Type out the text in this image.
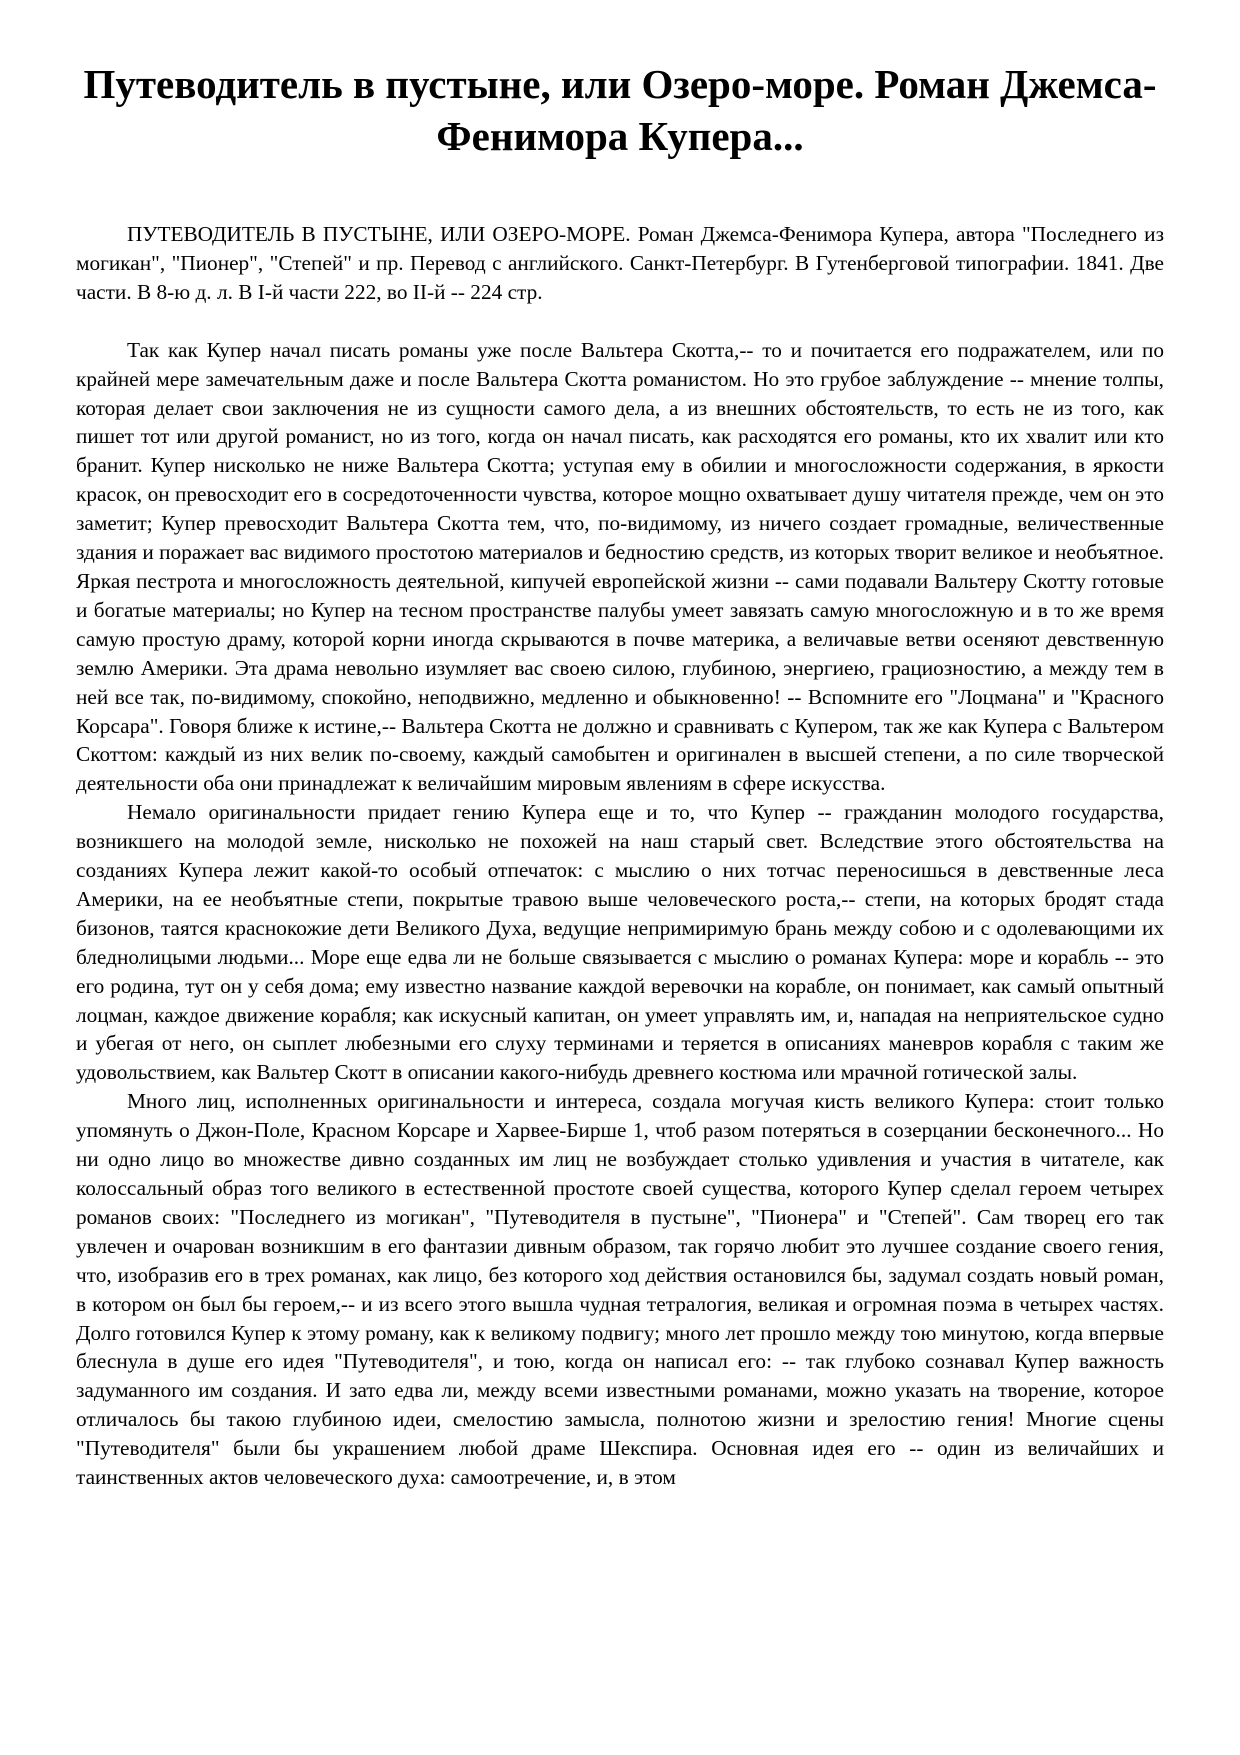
Путеводитель в пустыне, или Озеро-море. Роман Джемса-Фенимора Купера...

ПУТЕВОДИТЕЛЬ В ПУСТЫНЕ, ИЛИ ОЗЕРО-МОРЕ. Роман Джемса-Фенимора Купера, автора "Последнего из могикан", "Пионер", "Степей" и пр. Перевод с английского. Санкт-Петербург. В Гутенберговой типографии. 1841. Две части. В 8-ю д. л. В I-й части 222, во II-й -- 224 стр.

Так как Купер начал писать романы уже после Вальтера Скотта,-- то и почитается его подражателем, или по крайней мере замечательным даже и после Вальтера Скотта романистом. Но это грубое заблуждение -- мнение толпы, которая делает свои заключения не из сущности самого дела, а из внешних обстоятельств, то есть не из того, как пишет тот или другой романист, но из того, когда он начал писать, как расходятся его романы, кто их хвалит или кто бранит. Купер нисколько не ниже Вальтера Скотта; уступая ему в обилии и многосложности содержания, в яркости красок, он превосходит его в сосредоточенности чувства, которое мощно охватывает душу читателя прежде, чем он это заметит; Купер превосходит Вальтера Скотта тем, что, по-видимому, из ничего создает громадные, величественные здания и поражает вас видимого простотою материалов и бедностию средств, из которых творит великое и необъятное. Яркая пестрота и многосложность деятельной, кипучей европейской жизни -- сами подавали Вальтеру Скотту готовые и богатые материалы; но Купер на тесном пространстве палубы умеет завязать самую многосложную и в то же время самую простую драму, которой корни иногда скрываются в почве материка, а величавые ветви осеняют девственную землю Америки. Эта драма невольно изумляет вас своею силою, глубиною, энергиею, грациозностию, а между тем в ней все так, по-видимому, спокойно, неподвижно, медленно и обыкновенно! -- Вспомните его "Лоцмана" и "Красного Корсара". Говоря ближе к истине,-- Вальтера Скотта не должно и сравнивать с Купером, так же как Купера с Вальтером Скоттом: каждый из них велик по-своему, каждый самобытен и оригинален в высшей степени, а по силе творческой деятельности оба они принадлежат к величайшим мировым явлениям в сфере искусства.

Немало оригинальности придает гению Купера еще и то, что Купер -- гражданин молодого государства, возникшего на молодой земле, нисколько не похожей на наш старый свет. Вследствие этого обстоятельства на созданиях Купера лежит какой-то особый отпечаток: с мыслию о них тотчас переносишься в девственные леса Америки, на ее необъятные степи, покрытые травою выше человеческого роста,-- степи, на которых бродят стада бизонов, таятся краснокожие дети Великого Духа, ведущие непримиримую брань между собою и с одолевающими их бледнолицыми людьми... Море еще едва ли не больше связывается с мыслию о романах Купера: море и корабль -- это его родина, тут он у себя дома; ему известно название каждой веревочки на корабле, он понимает, как самый опытный лоцман, каждое движение корабля; как искусный капитан, он умеет управлять им, и, нападая на неприятельское судно и убегая от него, он сыплет любезными его слуху терминами и теряется в описаниях маневров корабля с таким же удовольствием, как Вальтер Скотт в описании какого-нибудь древнего костюма или мрачной готической залы.

Много лиц, исполненных оригинальности и интереса, создала могучая кисть великого Купера: стоит только упомянуть о Джон-Поле, Красном Корсаре и Харвее-Бирше 1, чтоб разом потеряться в созерцании бесконечного... Но ни одно лицо во множестве дивно созданных им лиц не возбуждает столько удивления и участия в читателе, как колоссальный образ того великого в естественной простоте своей существа, которого Купер сделал героем четырех романов своих: "Последнего из могикан", "Путеводителя в пустыне", "Пионера" и "Степей". Сам творец его так увлечен и очарован возникшим в его фантазии дивным образом, так горячо любит это лучшее создание своего гения, что, изобразив его в трех романах, как лицо, без которого ход действия остановился бы, задумал создать новый роман, в котором он был бы героем,-- и из всего этого вышла чудная тетралогия, великая и огромная поэма в четырех частях. Долго готовился Купер к этому роману, как к великому подвигу; много лет прошло между тою минутою, когда впервые блеснула в душе его идея "Путеводителя", и тою, когда он написал его: -- так глубоко сознавал Купер важность задуманного им создания. И зато едва ли, между всеми известными романами, можно указать на творение, которое отличалось бы такою глубиною идеи, смелостию замысла, полнотою жизни и зрелостию гения! Многие сцены "Путеводителя" были бы украшением любой драме Шекспира. Основная идея его -- один из величайших и таинственных актов человеческого духа: самоотречение, и, в этом
